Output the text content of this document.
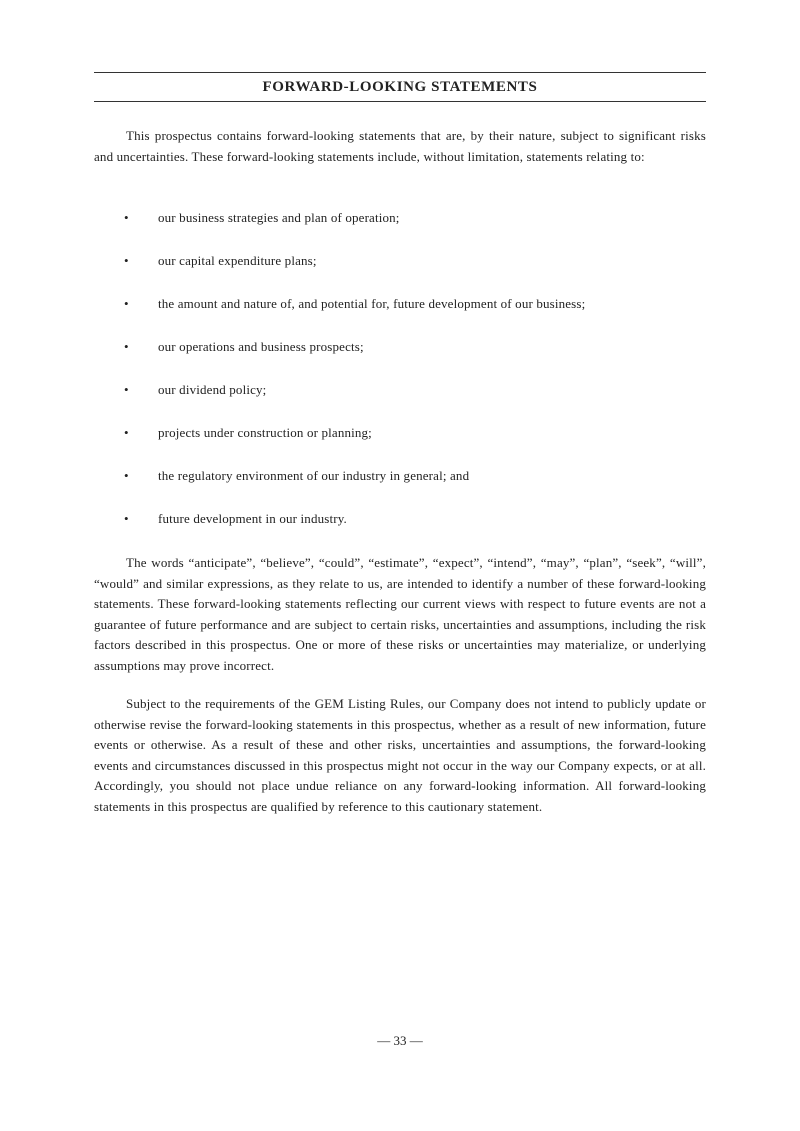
FORWARD-LOOKING STATEMENTS

This prospectus contains forward-looking statements that are, by their nature, subject to significant risks and uncertainties. These forward-looking statements include, without limitation, statements relating to:

•	our business strategies and plan of operation;
•	our capital expenditure plans;
•	the amount and nature of, and potential for, future development of our business;
•	our operations and business prospects;
•	our dividend policy;
•	projects under construction or planning;
•	the regulatory environment of our industry in general; and
•	future development in our industry.

The words “anticipate”, “believe”, “could”, “estimate”, “expect”, “intend”, “may”, “plan”, “seek”, “will”, “would” and similar expressions, as they relate to us, are intended to identify a number of these forward-looking statements. These forward-looking statements reflecting our current views with respect to future events are not a guarantee of future performance and are subject to certain risks, uncertainties and assumptions, including the risk factors described in this prospectus. One or more of these risks or uncertainties may materialize, or underlying assumptions may prove incorrect.

Subject to the requirements of the GEM Listing Rules, our Company does not intend to publicly update or otherwise revise the forward-looking statements in this prospectus, whether as a result of new information, future events or otherwise. As a result of these and other risks, uncertainties and assumptions, the forward-looking events and circumstances discussed in this prospectus might not occur in the way our Company expects, or at all. Accordingly, you should not place undue reliance on any forward-looking information. All forward-looking statements in this prospectus are qualified by reference to this cautionary statement.

— 33 —
